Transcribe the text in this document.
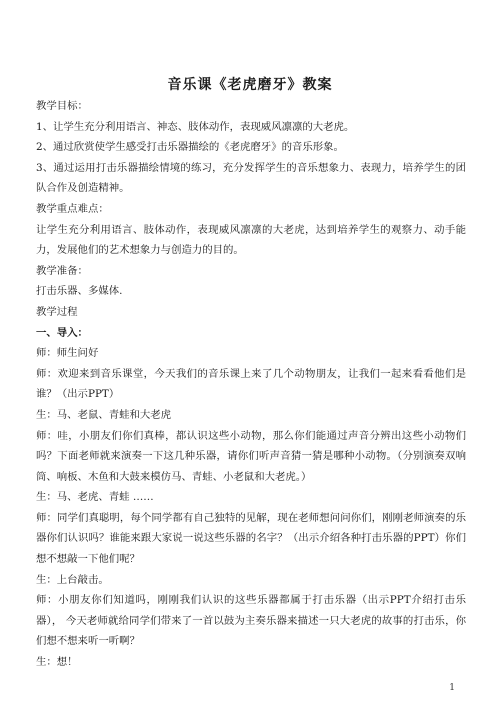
音乐课《老虎磨牙》教案

教学目标：

1、让学生充分利用语言、神态、肢体动作，表现威风凛凛的大老虎。

2、通过欣赏使学生感受打击乐器描绘的《老虎磨牙》的音乐形象。

3、通过运用打击乐器描绘情境的练习，充分发挥学生的音乐想象力、表现力，培养学生的团队合作及创造精神。

教学重点难点：

让学生充分利用语言、肢体动作，表现威风凛凛的大老虎，达到培养学生的观察力、动手能力，发展他们的艺术想象力与创造力的目的。

教学准备：

打击乐器、多媒体.

教学过程

一、导入：

师：师生问好

师：欢迎来到音乐课堂，今天我们的音乐课上来了几个动物朋友，让我们一起来看看他们是谁？（出示PPT）

生：马、老鼠、青蛙和大老虎

师：哇，小朋友们你们真棒，都认识这些小动物，那么你们能通过声音分辨出这些小动物们吗？下面老师就来演奏一下这几种乐器，请你们听声音猜一猜是哪种小动物。（分别演奏双响筒、响板、木鱼和大鼓来模仿马、青蛙、小老鼠和大老虎。）

生：马、老虎、青蛙 ……

师：同学们真聪明，每个同学都有自己独特的见解，现在老师想问问你们，刚刚老师演奏的乐器你们认识吗？谁能来跟大家说一说这些乐器的名字？（出示介绍各种打击乐器的PPT）你们想不想敲一下他们呢？

生：上台敲击。

师：小朋友你们知道吗，刚刚我们认识的这些乐器都属于打击乐器（出示PPT介绍打击乐器）， 今天老师就给同学们带来了一首以鼓为主奏乐器来描述一只大老虎的故事的打击乐，你们想不想来听一听啊？

生：想！

1
